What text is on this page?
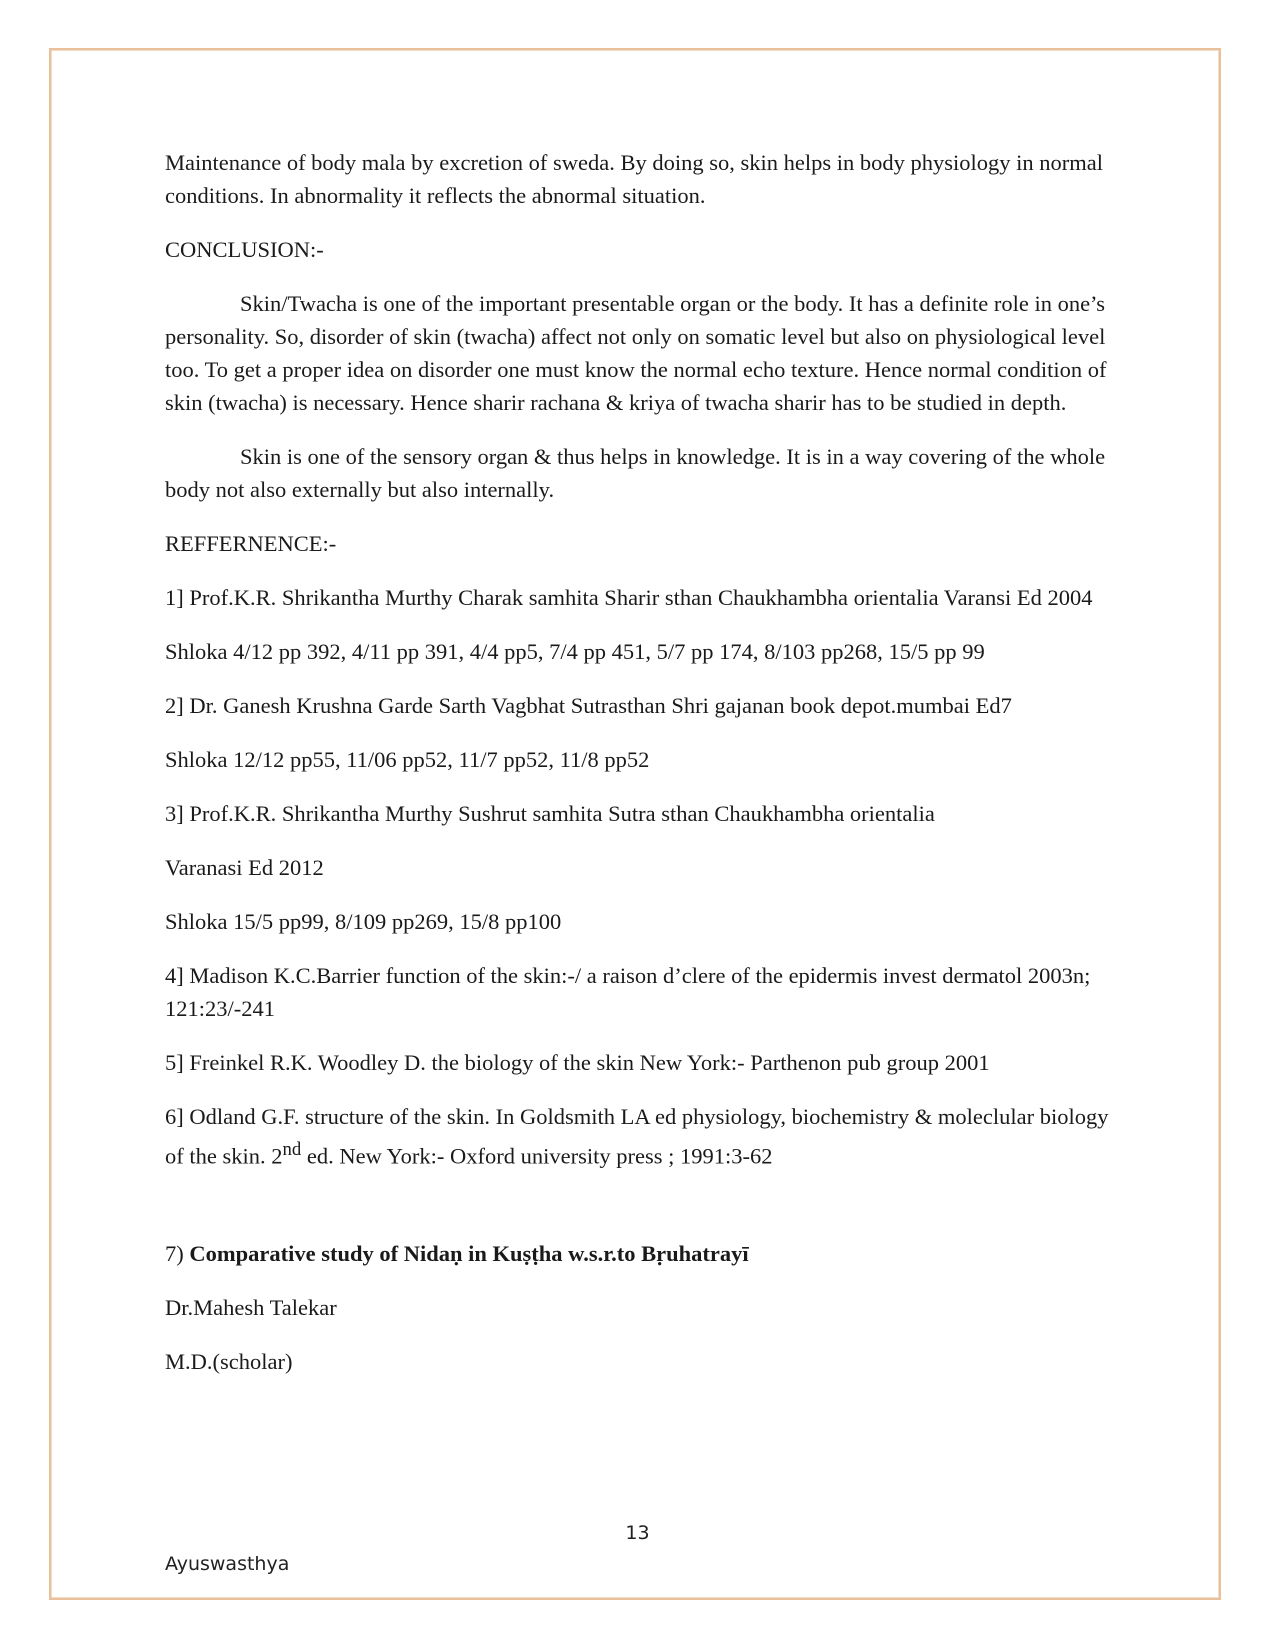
Maintenance of body mala by excretion of sweda. By doing so, skin helps in body physiology in normal conditions. In abnormality it reflects the abnormal situation.

CONCLUSION:-

Skin/Twacha is one of the important presentable organ or the body. It has a definite role in one’s personality. So, disorder of skin (twacha) affect not only on somatic level but also on physiological level too. To get a proper idea on disorder one must know the normal echo texture. Hence normal condition of skin (twacha) is necessary. Hence sharir rachana & kriya of twacha sharir has to be studied in depth.

Skin is one of the sensory organ & thus helps in knowledge. It is in a way covering of the whole body not also externally but also internally.

REFFERNENCE:-

1] Prof.K.R. Shrikantha Murthy Charak samhita Sharir sthan Chaukhambha orientalia Varansi Ed 2004

Shloka 4/12 pp 392, 4/11 pp 391, 4/4 pp5, 7/4 pp 451, 5/7 pp 174, 8/103 pp268, 15/5 pp 99

2] Dr. Ganesh Krushna Garde Sarth Vagbhat Sutrasthan Shri gajanan book depot.mumbai Ed7

Shloka 12/12 pp55, 11/06 pp52, 11/7 pp52, 11/8 pp52

3] Prof.K.R. Shrikantha Murthy Sushrut samhita Sutra sthan Chaukhambha orientalia

Varanasi Ed 2012

Shloka 15/5 pp99, 8/109 pp269, 15/8 pp100

4] Madison K.C.Barrier function of the skin:-/ a raison d’clere of the epidermis invest dermatol 2003n; 121:23/-241

5] Freinkel R.K. Woodley D. the biology of the skin New York:- Parthenon pub group 2001

6] Odland G.F. structure of the skin. In Goldsmith LA ed physiology, biochemistry & moleclular biology of the skin. 2nd ed. New York:- Oxford university press ; 1991:3-62

7) Comparative study of Nidaṇ in Kuṣṭha w.s.r.to Bṛuhatrayī

Dr.Mahesh Talekar

M.D.(scholar)

13
Ayuswasthya
